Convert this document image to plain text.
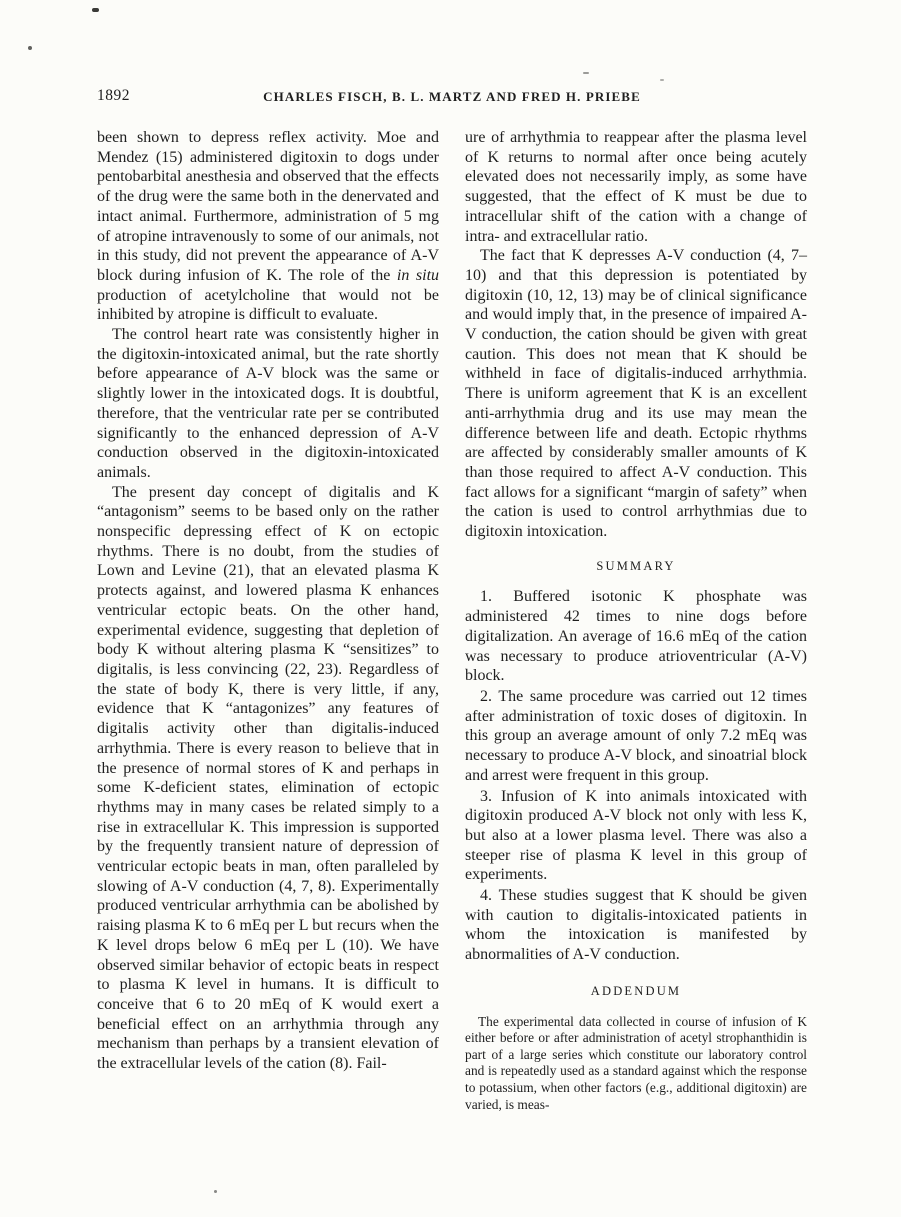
1892	CHARLES FISCH, B. L. MARTZ AND FRED H. PRIEBE

been shown to depress reflex activity. Moe and Mendez (15) administered digitoxin to dogs under pentobarbital anesthesia and observed that the effects of the drug were the same both in the denervated and intact animal. Furthermore, administration of 5 mg of atropine intravenously to some of our animals, not in this study, did not prevent the appearance of A-V block during infusion of K. The role of the in situ production of acetylcholine that would not be inhibited by atropine is difficult to evaluate.

The control heart rate was consistently higher in the digitoxin-intoxicated animal, but the rate shortly before appearance of A-V block was the same or slightly lower in the intoxicated dogs. It is doubtful, therefore, that the ventricular rate per se contributed significantly to the enhanced depression of A-V conduction observed in the digitoxin-intoxicated animals.

The present day concept of digitalis and K “antagonism” seems to be based only on the rather nonspecific depressing effect of K on ectopic rhythms. There is no doubt, from the studies of Lown and Levine (21), that an elevated plasma K protects against, and lowered plasma K enhances ventricular ectopic beats. On the other hand, experimental evidence, suggesting that depletion of body K without altering plasma K “sensitizes” to digitalis, is less convincing (22, 23). Regardless of the state of body K, there is very little, if any, evidence that K “antagonizes” any features of digitalis activity other than digitalis-induced arrhythmia. There is every reason to believe that in the presence of normal stores of K and perhaps in some K-deficient states, elimination of ectopic rhythms may in many cases be related simply to a rise in extracellular K. This impression is supported by the frequently transient nature of depression of ventricular ectopic beats in man, often paralleled by slowing of A-V conduction (4, 7, 8). Experimentally produced ventricular arrhythmia can be abolished by raising plasma K to 6 mEq per L but recurs when the K level drops below 6 mEq per L (10). We have observed similar behavior of ectopic beats in respect to plasma K level in humans. It is difficult to conceive that 6 to 20 mEq of K would exert a beneficial effect on an arrhythmia through any mechanism than perhaps by a transient elevation of the extracellular levels of the cation (8). Fail-

ure of arrhythmia to reappear after the plasma level of K returns to normal after once being acutely elevated does not necessarily imply, as some have suggested, that the effect of K must be due to intracellular shift of the cation with a change of intra- and extracellular ratio.

The fact that K depresses A-V conduction (4, 7–10) and that this depression is potentiated by digitoxin (10, 12, 13) may be of clinical significance and would imply that, in the presence of impaired A-V conduction, the cation should be given with great caution. This does not mean that K should be withheld in face of digitalis-induced arrhythmia. There is uniform agreement that K is an excellent anti-arrhythmia drug and its use may mean the difference between life and death. Ectopic rhythms are affected by considerably smaller amounts of K than those required to affect A-V conduction. This fact allows for a significant “margin of safety” when the cation is used to control arrhythmias due to digitoxin intoxication.

SUMMARY

1. Buffered isotonic K phosphate was administered 42 times to nine dogs before digitalization. An average of 16.6 mEq of the cation was necessary to produce atrioventricular (A-V) block.

2. The same procedure was carried out 12 times after administration of toxic doses of digitoxin. In this group an average amount of only 7.2 mEq was necessary to produce A-V block, and sinoatrial block and arrest were frequent in this group.

3. Infusion of K into animals intoxicated with digitoxin produced A-V block not only with less K, but also at a lower plasma level. There was also a steeper rise of plasma K level in this group of experiments.

4. These studies suggest that K should be given with caution to digitalis-intoxicated patients in whom the intoxication is manifested by abnormalities of A-V conduction.

ADDENDUM

The experimental data collected in course of infusion of K either before or after administration of acetyl strophanthidin is part of a large series which constitute our laboratory control and is repeatedly used as a standard against which the response to potassium, when other factors (e.g., additional digitoxin) are varied, is meas-
